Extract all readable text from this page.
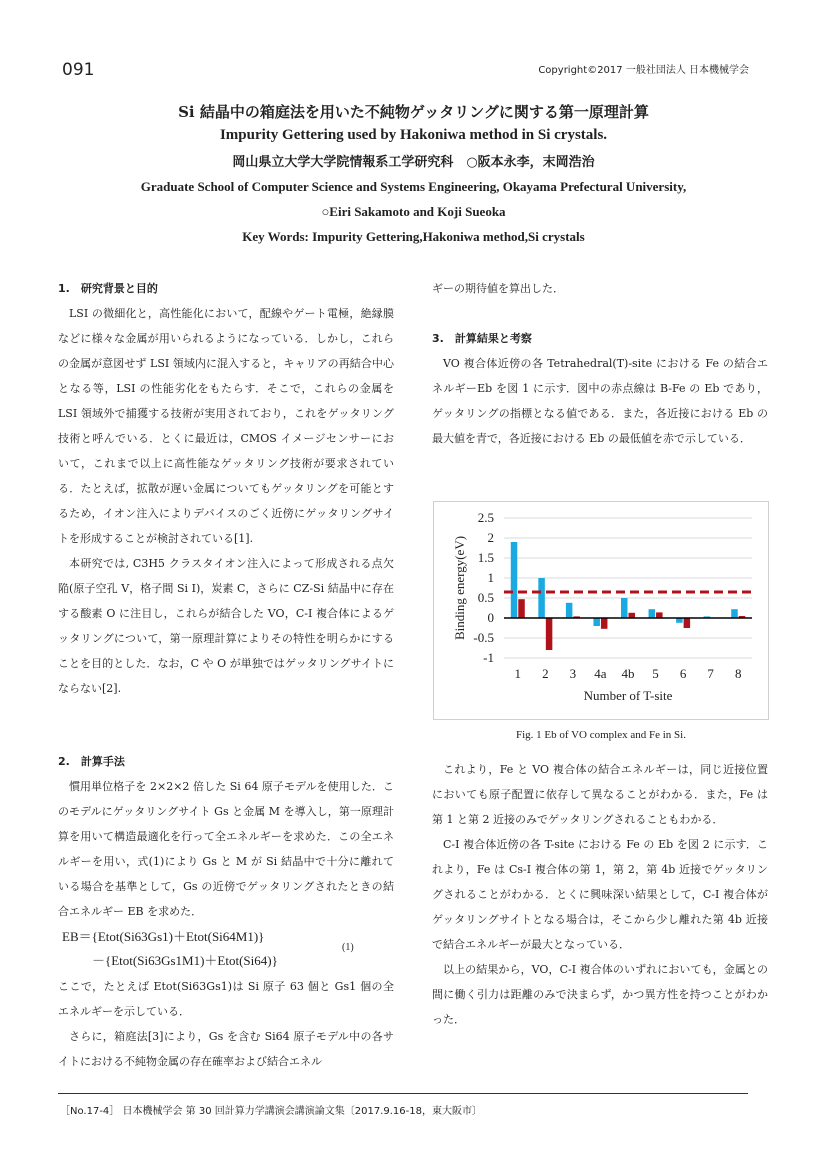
091	Copyright©2017 一般社団法人 日本機械学会
Si 結晶中の箱庭法を用いた不純物ゲッタリングに関する第一原理計算
Impurity Gettering used by Hakoniwa method in Si crystals.
岡山県立大学大学院情報系工学研究科　○阪本永李，末岡浩治
Graduate School of Computer Science and Systems Engineering, Okayama Prefectural University,
○Eiri Sakamoto and Koji Sueoka
Key Words: Impurity Gettering,Hakoniwa method,Si crystals
1.　研究背景と目的

LSI の微細化と，高性能化において，配線やゲート電極，絶縁膜などに様々な金属が用いられるようになっている．しかし，これらの金属が意図せず LSI 領域内に混入すると，キャリアの再結合中心となる等，LSI の性能劣化をもたらす．そこで，これらの金属を LSI 領域外で捕獲する技術が実用されており，これをゲッタリング技術と呼んでいる．とくに最近は，CMOS イメージセンサーにおいて，これまで以上に高性能なゲッタリング技術が要求されている．たとえば，拡散が遅い金属についてもゲッタリングを可能とするため，イオン注入によりデバイスのごく近傍にゲッタリングサイトを形成することが検討されている[1].

本研究では, C3H5 クラスタイオン注入によって形成される点欠陥(原子空孔 V，格子間 Si I)，炭素 C，さらに CZ-Si 結晶中に存在する酸素 O に注目し，これらが結合した VO，C-I 複合体によるゲッタリングについて，第一原理計算によりその特性を明らかにすることを目的とした．なお，C や O が単独ではゲッタリングサイトにならない[2].

2.　計算手法

慣用単位格子を 2×2×2 倍した Si 64 原子モデルを使用した．このモデルにゲッタリングサイト Gs と金属 M を導入し，第一原理計算を用いて構造最適化を行って全エネルギーを求めた．この全エネルギーを用い，式(1)により Gs と M が Si 結晶中で十分に離れている場合を基準として，Gs の近傍でゲッタリングされたときの結合エネルギー EB を求めた．

EB＝{Etot(Si63Gs1)＋Etot(Si64M1)}
－{Etot(Si63Gs1M1)＋Etot(Si64)}
(1)

ここで，たとえば Etot(Si63Gs1)は Si 原子 63 個と Gs1 個の全エネルギーを示している．

さらに，箱庭法[3]により，Gs を含む Si64 原子モデル中の各サイトにおける不純物金属の存在確率および結合エネル

ギーの期待値を算出した．

3.　計算結果と考察

VO 複合体近傍の各 Tetrahedral(T)-site における Fe の結合エネルギーEb を図 1 に示す．図中の赤点線は B-Fe の Eb であり，ゲッタリングの指標となる値である．また，各近接における Eb の最大値を青で，各近接における Eb の最低値を赤で示している．

2.5
2
1.5
1
0.5
0
-0.5
-1
1 2 3 4a 4b 5 6 7 8
Number of T-site
Binding energy(eV)
Fig. 1 Eb of VO complex and Fe in Si.

これより，Fe と VO 複合体の結合エネルギーは，同じ近接位置においても原子配置に依存して異なることがわかる．また，Fe は第 1 と第 2 近接のみでゲッタリングされることもわかる．

C-I 複合体近傍の各 T-site における Fe の Eb を図 2 に示す．これより，Fe は Cs-I 複合体の第 1，第 2，第 4b 近接でゲッタリングされることがわかる．とくに興味深い結果として，C-I 複合体がゲッタリングサイトとなる場合は，そこから少し離れた第 4b 近接で結合エネルギーが最大となっている．

以上の結果から，VO，C-I 複合体のいずれにおいても，金属との間に働く引力は距離のみで決まらず，かつ異方性を持つことがわかった．

［No.17-4］ 日本機械学会 第 30 回計算力学講演会講演論文集〔2017.9.16-18，東大阪市〕
